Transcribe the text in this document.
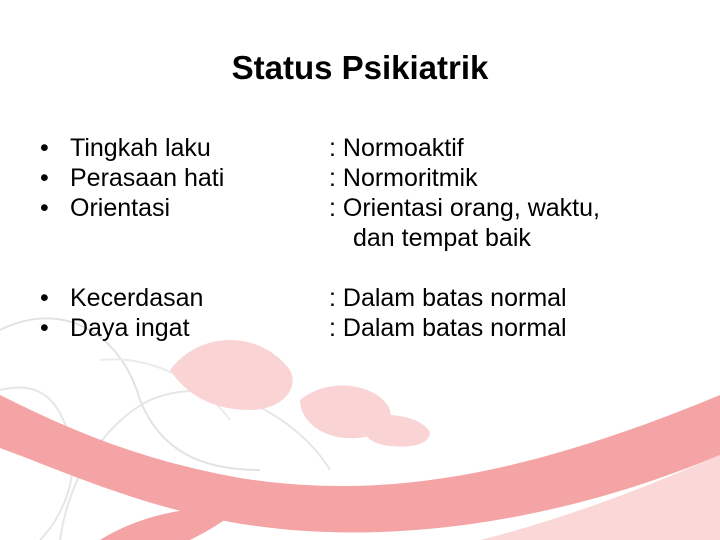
Status Psikiatrik
• Tingkah laku
• Perasaan hati
• Orientasi
• Kecerdasan
• Daya ingat
: Normoaktif
: Normoritmik
: Orientasi orang, waktu,
dan tempat baik
: Dalam batas normal
: Dalam batas normal
